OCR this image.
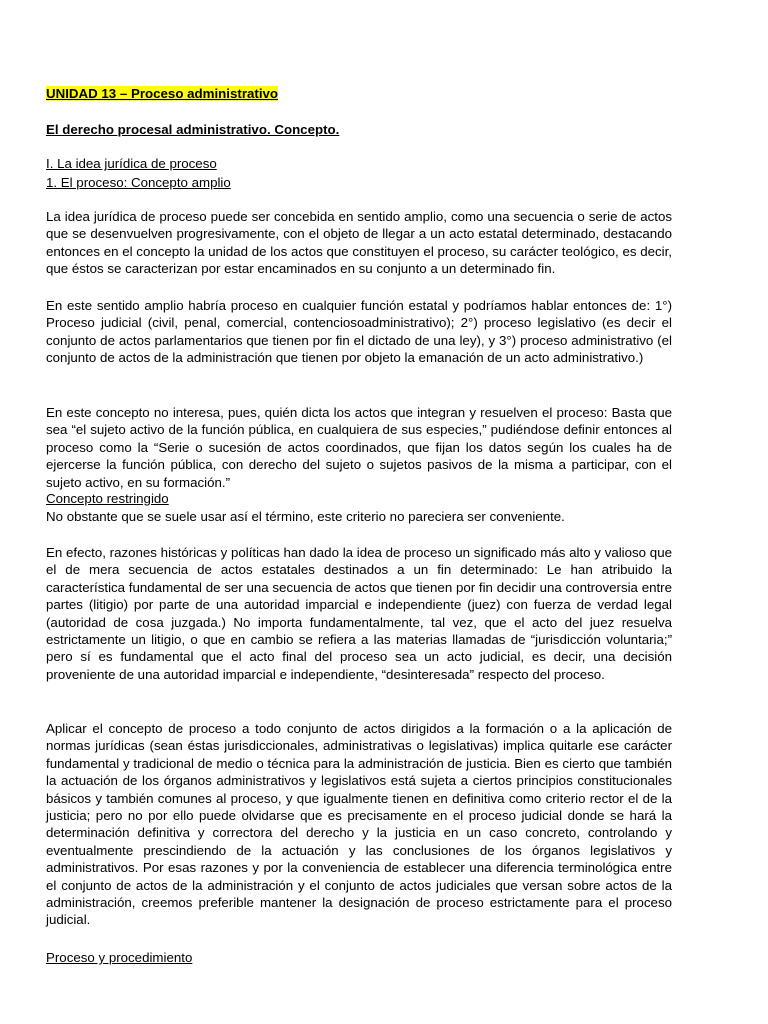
UNIDAD 13 – Proceso administrativo

El derecho procesal administrativo. Concepto.

I. La idea jurídica de proceso

1. El proceso: Concepto amplio

La idea jurídica de proceso puede ser concebida en sentido amplio, como una secuencia o serie de actos que se desenvuelven progresivamente, con el objeto de llegar a un acto estatal determinado, destacando entonces en el concepto la unidad de los actos que constituyen el proceso, su carácter teológico, es decir, que éstos se caracterizan por estar encaminados en su conjunto a un determinado fin.

En este sentido amplio habría proceso en cualquier función estatal y podríamos hablar entonces de: 1°) Proceso judicial (civil, penal, comercial, contenciosoadministrativo); 2°) proceso legislativo (es decir el conjunto de actos parlamentarios que tienen por fin el dictado de una ley), y 3°) proceso administrativo (el conjunto de actos de la administración que tienen por objeto la emanación de un acto administrativo.)

En este concepto no interesa, pues, quién dicta los actos que integran y resuelven el proceso: Basta que sea “el sujeto activo de la función pública, en cualquiera de sus especies,” pudiéndose definir entonces al proceso como la “Serie o sucesión de actos coordinados, que fijan los datos según los cuales ha de ejercerse la función pública, con derecho del sujeto o sujetos pasivos de la misma a participar, con el sujeto activo, en su formación.”

Concepto restringido

No obstante que se suele usar así el término, este criterio no pareciera ser conveniente.

En efecto, razones históricas y políticas han dado la idea de proceso un significado más alto y valioso que el de mera secuencia de actos estatales destinados a un fin determinado: Le han atribuido la característica fundamental de ser una secuencia de actos que tienen por fin decidir una controversia entre partes (litigio) por parte de una autoridad imparcial e independiente (juez) con fuerza de verdad legal (autoridad de cosa juzgada.) No importa fundamentalmente, tal vez, que el acto del juez resuelva estrictamente un litigio, o que en cambio se refiera a las materias llamadas de “jurisdicción voluntaria;” pero sí es fundamental que el acto final del proceso sea un acto judicial, es decir, una decisión proveniente de una autoridad imparcial e independiente, “desinteresada” respecto del proceso.

Aplicar el concepto de proceso a todo conjunto de actos dirigidos a la formación o a la aplicación de normas jurídicas (sean éstas jurisdiccionales, administrativas o legislativas) implica quitarle ese carácter fundamental y tradicional de medio o técnica para la administración de justicia. Bien es cierto que también la actuación de los órganos administrativos y legislativos está sujeta a ciertos principios constitucionales básicos y también comunes al proceso, y que igualmente tienen en definitiva como criterio rector el de la justicia; pero no por ello puede olvidarse que es precisamente en el proceso judicial donde se hará la determinación definitiva y correctora del derecho y la justicia en un caso concreto, controlando y eventualmente prescindiendo de la actuación y las conclusiones de los órganos legislativos y administrativos. Por esas razones y por la conveniencia de establecer una diferencia terminológica entre el conjunto de actos de la administración y el conjunto de actos judiciales que versan sobre actos de la administración, creemos preferible mantener la designación de proceso estrictamente para el proceso judicial.

Proceso y procedimiento
